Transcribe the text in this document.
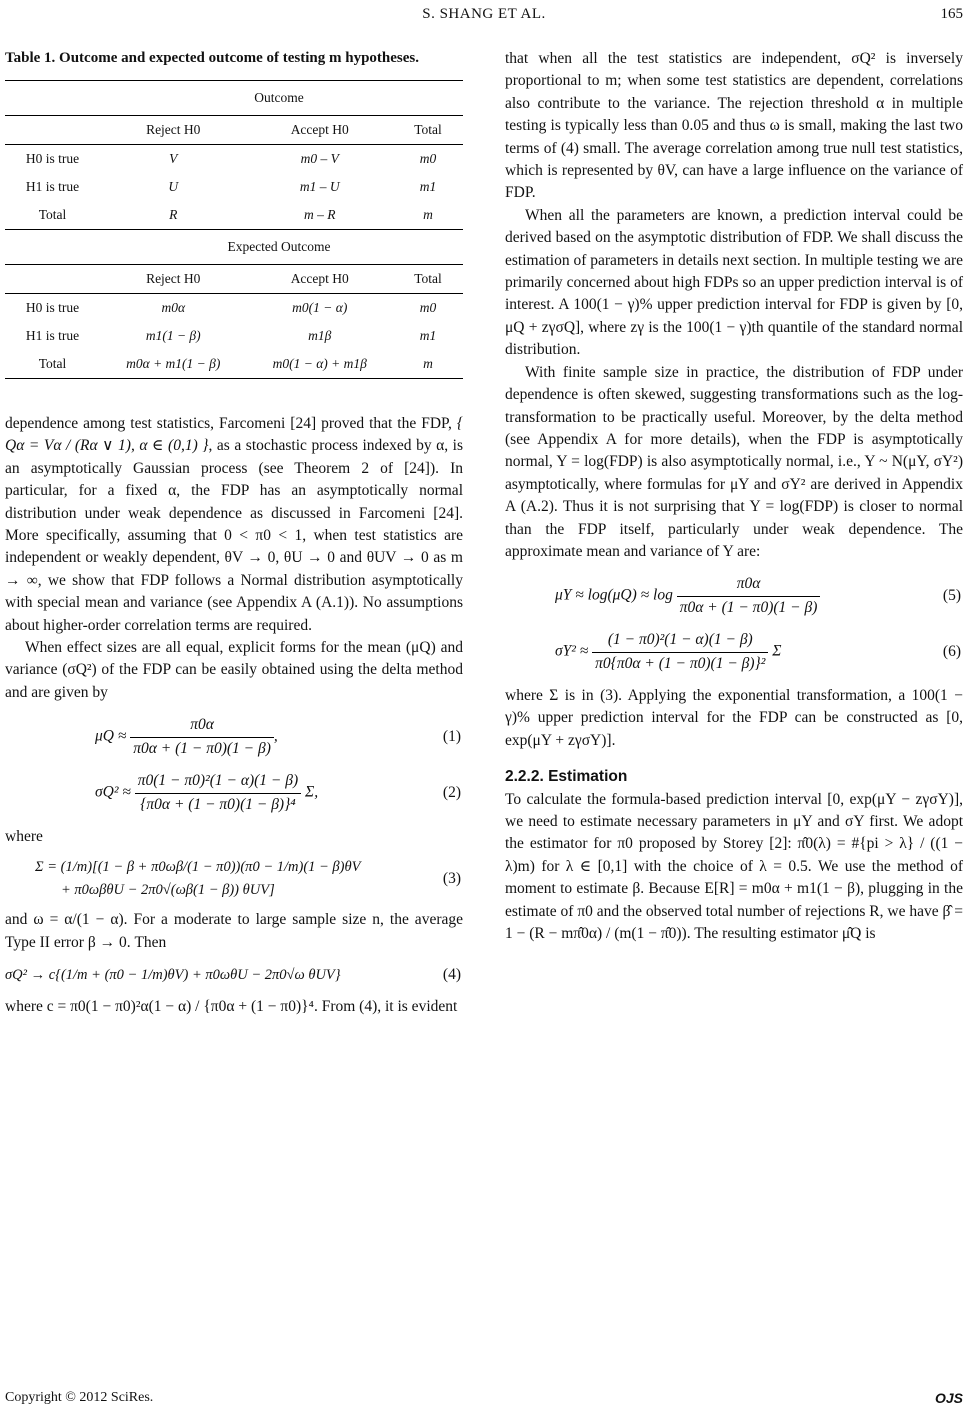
S. SHANG ET AL.	165
Table 1. Outcome and expected outcome of testing m hypotheses.
Outcome			
	Reject H0	Accept H0	Total
H0 is true	V	m0 – V	m0
H1 is true	U	m1 – U	m1
Total	R	m – R	m
Expected Outcome			
	Reject H0	Accept H0	Total
H0 is true	m0α	m0(1 − α)	m0
H1 is true	m1(1 − β)	m1β	m1
Total	m0α + m1(1 − β)	m0(1 − α) + m1β	m

dependence among test statistics, Farcomeni [24] proved that the FDP, { Qα = Vα / (Rα ∨ 1), α ∈ (0,1) }, as a stochastic process indexed by α, is an asymptotically Gaussian process (see Theorem 2 of [24]). In particular, for a fixed α, the FDP has an asymptotically normal distribution under weak dependence as discussed in Farcomeni [24]. More specifically, assuming that 0 < π0 < 1, when test statistics are independent or weakly dependent, θV → 0, θU → 0 and θUV → 0 as m → ∞, we show that FDP follows a Normal distribution asymptotically with special mean and variance (see Appendix A (A.1)). No assumptions about higher-order correlation terms are required.

When effect sizes are all equal, explicit forms for the mean (μQ) and variance (σQ²) of the FDP can be easily obtained using the delta method and are given by

$\mu Q \approx \frac{\pi 0\alpha}{\pi 0\alpha + (1 - \pi 0)(1 - \beta)}$ ,	(1)
$\sigma Q^2 \approx \frac{\text{π0(1 − π0)²(1 − α)(1 − β)}}{\text{\{π0α + (1 − π0)(1 − β)\}⁴}} \Sigma$,	(2)

where

Σ = (1/m)[(1 − β + π0ωβ/(1 − π0))(π0 − 1/m)(1 − β)θV
+ π0ωβθU − 2π0√(ωβ(1 − β)) θUV]
(3)

and ω = α/(1 − α). For a moderate to large sample size n, the average Type II error β → 0. Then

σQ² → c{(1/m + (π0 − 1/m)θV) + π0ωθU − 2π0√ω θUV}	(4)

where c = π0(1 − π0)²α(1 − α) / {π0α + (1 − π0)}⁴. From (4), it is evident

that when all the test statistics are independent, σQ² is inversely proportional to m; when some test statistics are dependent, correlations also contribute to the variance. The rejection threshold α in multiple testing is typically less than 0.05 and thus ω is small, making the last two terms of (4) small. The average correlation among true null test statistics, which is represented by θV, can have a large influence on the variance of FDP.

When all the parameters are known, a prediction interval could be derived based on the asymptotic distribution of FDP. We shall discuss the estimation of parameters in details next section. In multiple testing we are primarily concerned about high FDPs so an upper prediction interval is of interest. A 100(1 − γ)% upper prediction interval for FDP is given by [0, μQ + zγσQ], where zγ is the 100(1 − γ)th quantile of the standard normal distribution.

With finite sample size in practice, the distribution of FDP under dependence is often skewed, suggesting transformations such as the log-transformation to be practically useful. Moreover, by the delta method (see Appendix A for more details), when the FDP is asymptotically normal, Y = log(FDP) is also asymptotically normal, i.e., Y ~ N(μY, σY²) asymptotically, where formulas for μY and σY² are derived in Appendix A (A.2). Thus it is not surprising that Y = log(FDP) is closer to normal than the FDP itself, particularly under weak dependence. The approximate mean and variance of Y are:

$\mu Y \approx \log(\mu Q) \approx \log \frac{\pi 0\alpha}{\pi 0\alpha + (1 - \pi 0)(1 - \beta)}$	(5)
$\sigma Y^2 \approx \frac{\text{(1 − π0)²(1 − α)(1 − β)}}{\text{π0\{π0α + (1 − π0)(1 − β)\}²}}$ Σ	(6)

where Σ is in (3). Applying the exponential transformation, a 100(1 − γ)% upper prediction interval for the FDP can be constructed as [0, exp(μY + zγσY)].

2.2.2. Estimation

To calculate the formula-based prediction interval [0, exp(μY − zγσY)], we need to estimate necessary parameters in μY and σY first. We adopt the estimator for π0 proposed by Storey [2]: π̂0(λ) = #{pi > λ} / ((1 − λ)m) for λ ∈ [0,1] with the choice of λ = 0.5. We use the method of moment to estimate β. Because E[R] = m0α + m1(1 − β), plugging in the estimate of π0 and the observed total number of rejections R, we have β̂ = 1 − (R − mπ̂0α) / (m(1 − π̂0)). The resulting estimator μ̂Q is

Copyright © 2012 SciRes.	OJS
